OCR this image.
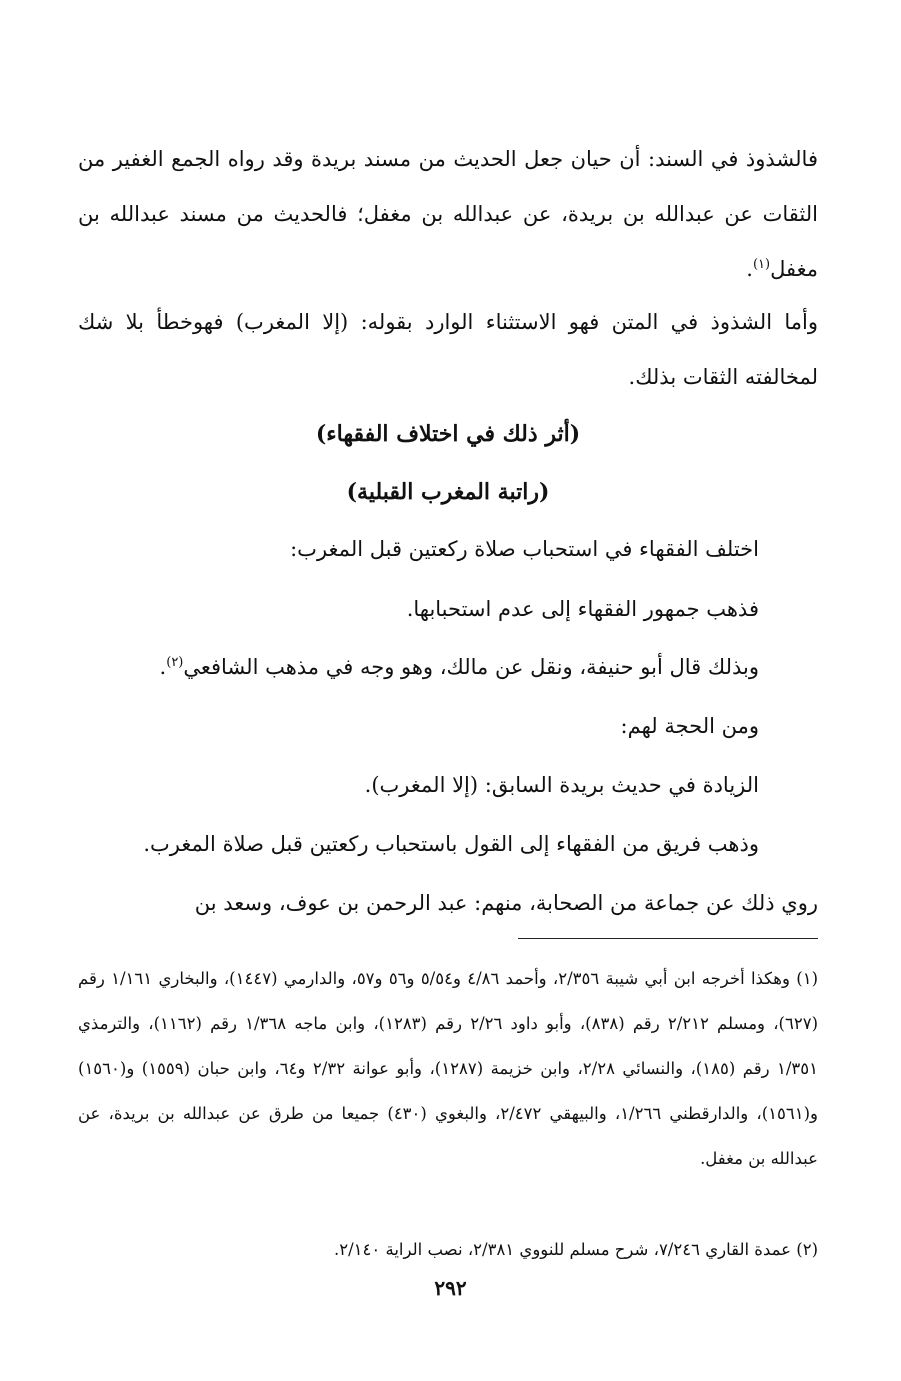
فالشذوذ في السند: أن حيان جعل الحديث من مسند بريدة وقد رواه الجمع الغفير من الثقات عن عبدالله بن بريدة، عن عبدالله بن مغفل؛ فالحديث من مسند عبدالله بن مغفل$^{(١)}$.

وأما الشذوذ في المتن فهو الاستثناء الوارد بقوله: (إلا المغرب) فهوخطأ بلا شك لمخالفته الثقات بذلك.

(أثر ذلك في اختلاف الفقهاء)
(راتبة المغرب القبلية)

اختلف الفقهاء في استحباب صلاة ركعتين قبل المغرب:

فذهب جمهور الفقهاء إلى عدم استحبابها.

وبذلك قال أبو حنيفة، ونقل عن مالك، وهو وجه في مذهب الشافعي$^{(٢)}$.

ومن الحجة لهم:

الزيادة في حديث بريدة السابق: (إلا المغرب).

وذهب فريق من الفقهاء إلى القول باستحباب ركعتين قبل صلاة المغرب.

روي ذلك عن جماعة من الصحابة، منهم: عبد الرحمن بن عوف، وسعد بن

(١) وهكذا أخرجه ابن أبي شيبة ٢/٣٥٦، وأحمد ٤/٨٦ و٥/٥٤ و٥٦ و٥٧، والدارمي (١٤٤٧)، والبخاري ١/١٦١ رقم (٦٢٧)، ومسلم ٢/٢١٢ رقم (٨٣٨)، وأبو داود ٢/٢٦ رقم (١٢٨٣)، وابن ماجه ١/٣٦٨ رقم (١١٦٢)، والترمذي ١/٣٥١ رقم (١٨٥)، والنسائي ٢/٢٨، وابن خزيمة (١٢٨٧)، وأبو عوانة ٢/٣٢ و٦٤، وابن حبان (١٥٥٩) و(١٥٦٠) و(١٥٦١)، والدارقطني ١/٢٦٦، والبيهقي ٢/٤٧٢، والبغوي (٤٣٠) جميعا من طرق عن عبدالله بن بريدة، عن عبدالله بن مغفل.

(٢) عمدة القاري ٧/٢٤٦، شرح مسلم للنووي ٢/٣٨١، نصب الراية ٢/١٤٠.

٢٩٢
